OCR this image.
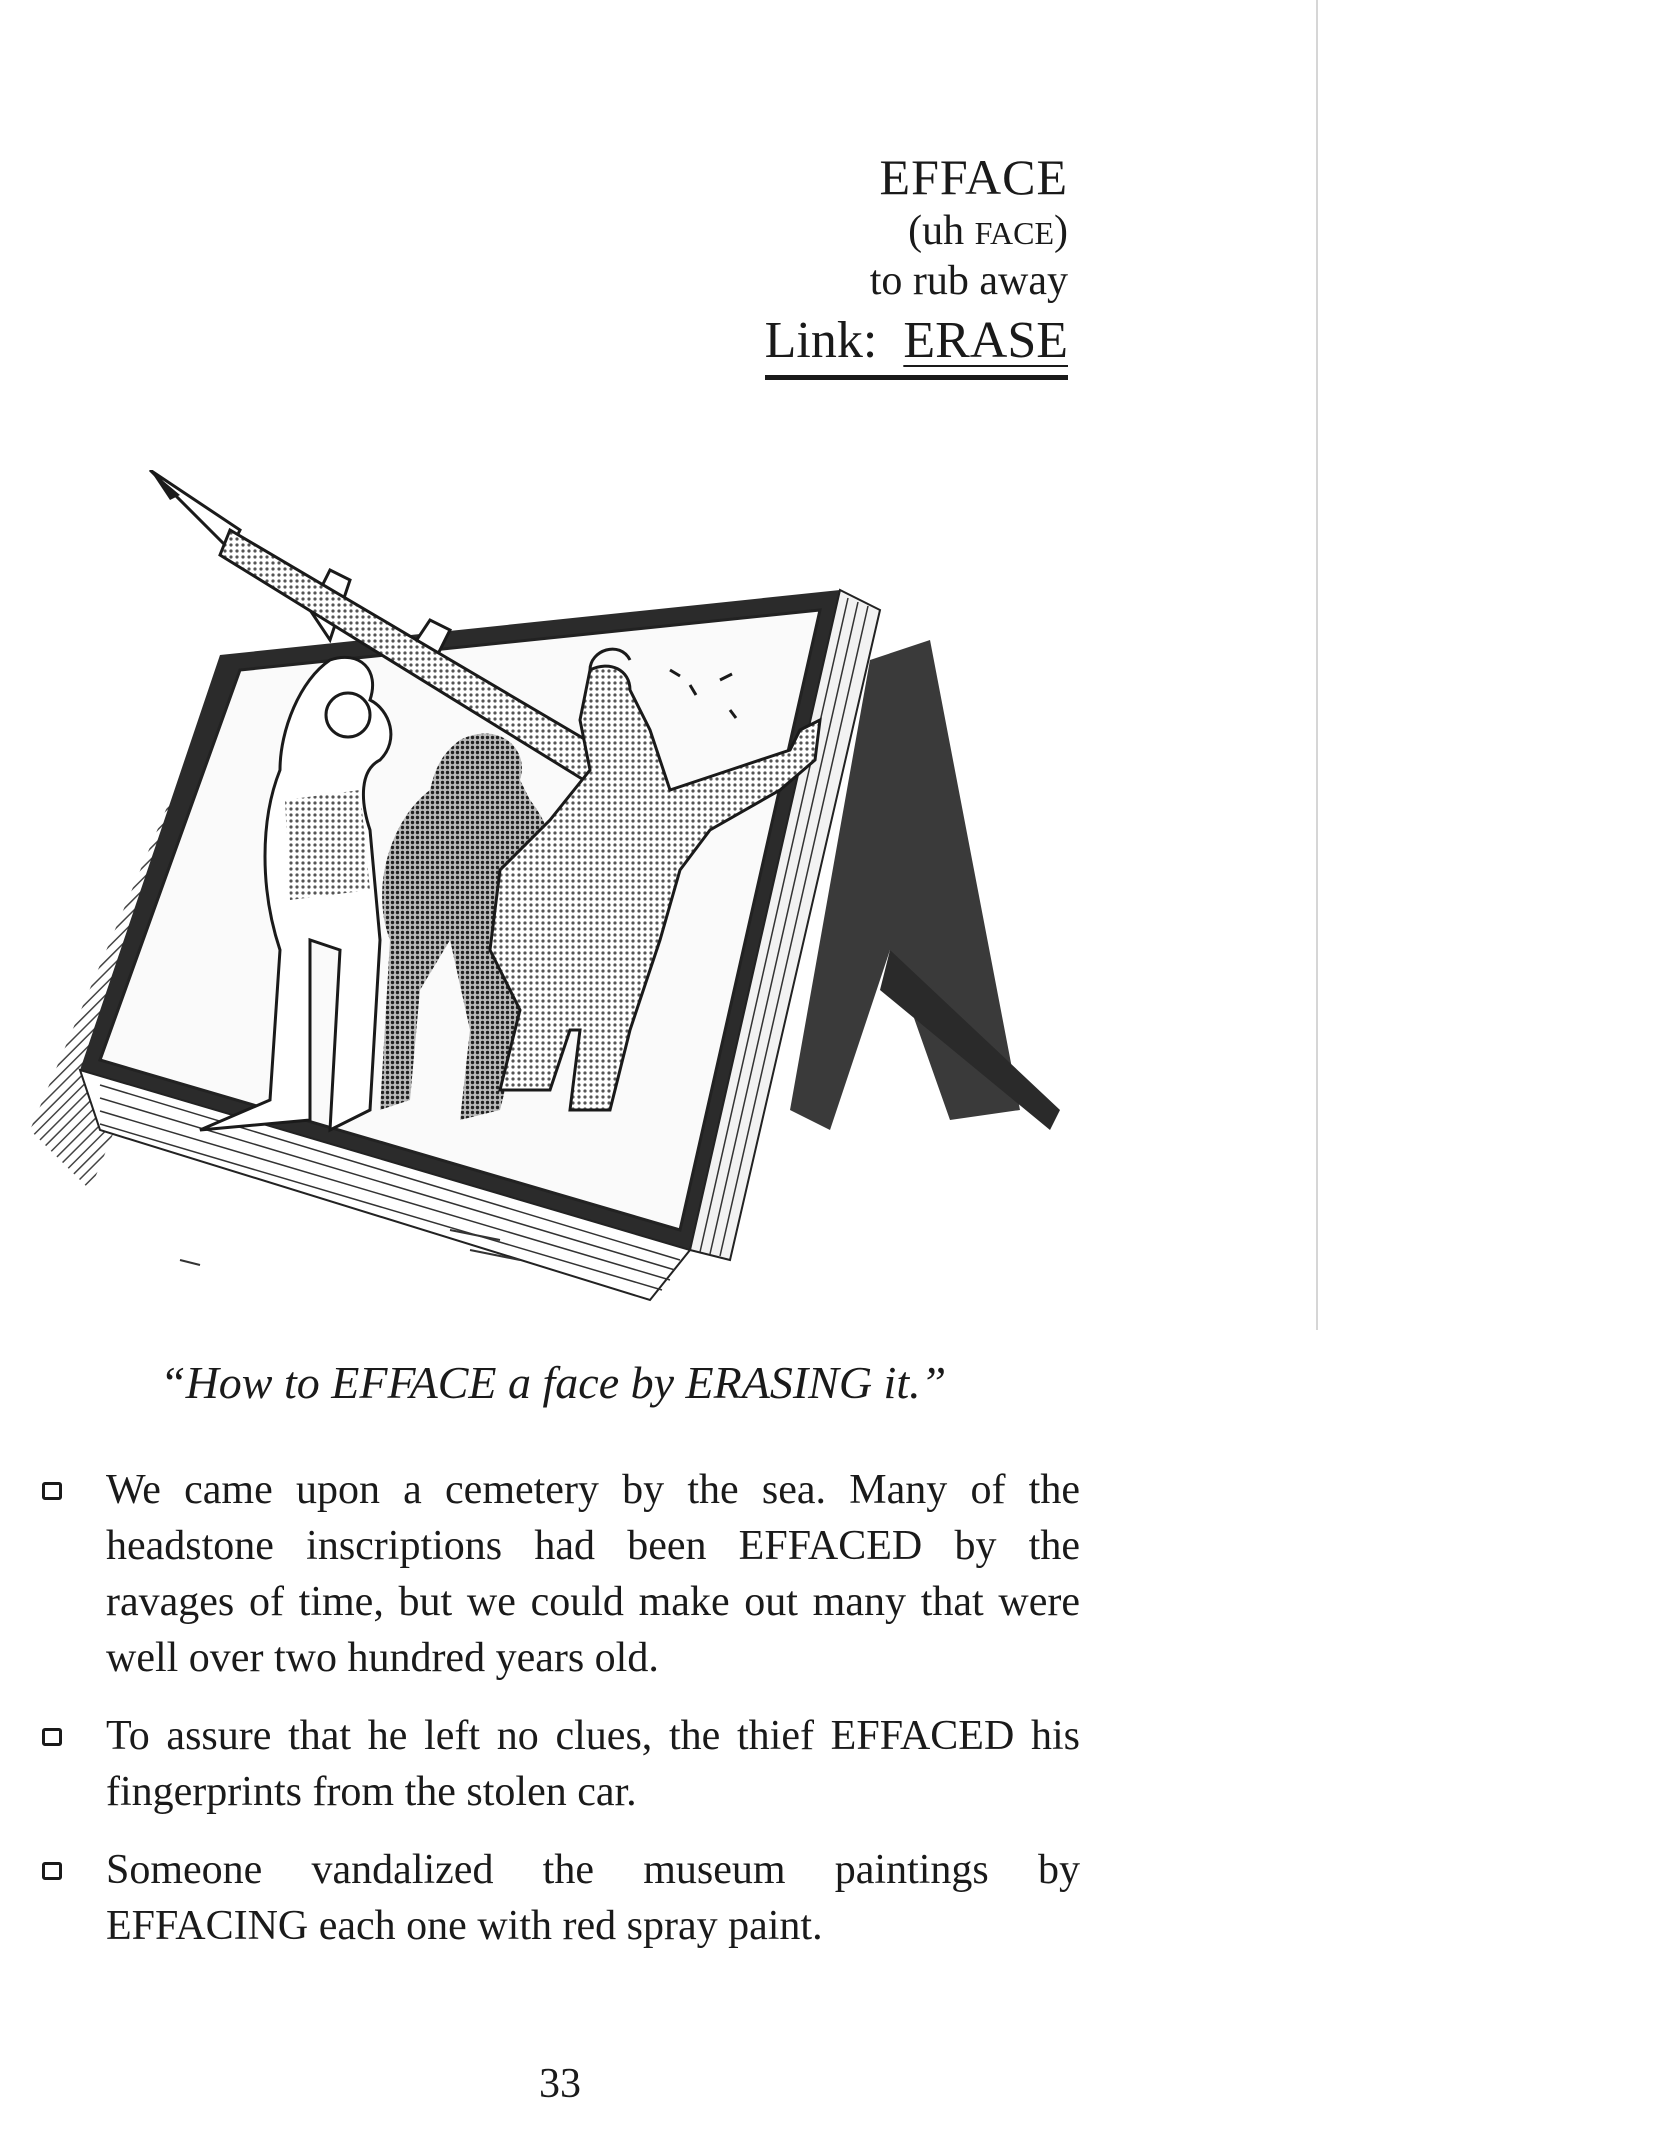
EFFACE
(uh FACE)
to rub away
Link: ERASE
“How to EFFACE a face by ERASING it.”
We came upon a cemetery by the sea. Many of the headstone inscriptions had been EFFACED by the ravages of time, but we could make out many that were well over two hundred years old.
To assure that he left no clues, the thief EFFACED his fingerprints from the stolen car.
Someone vandalized the museum paintings by EFFACING each one with red spray paint.
33
